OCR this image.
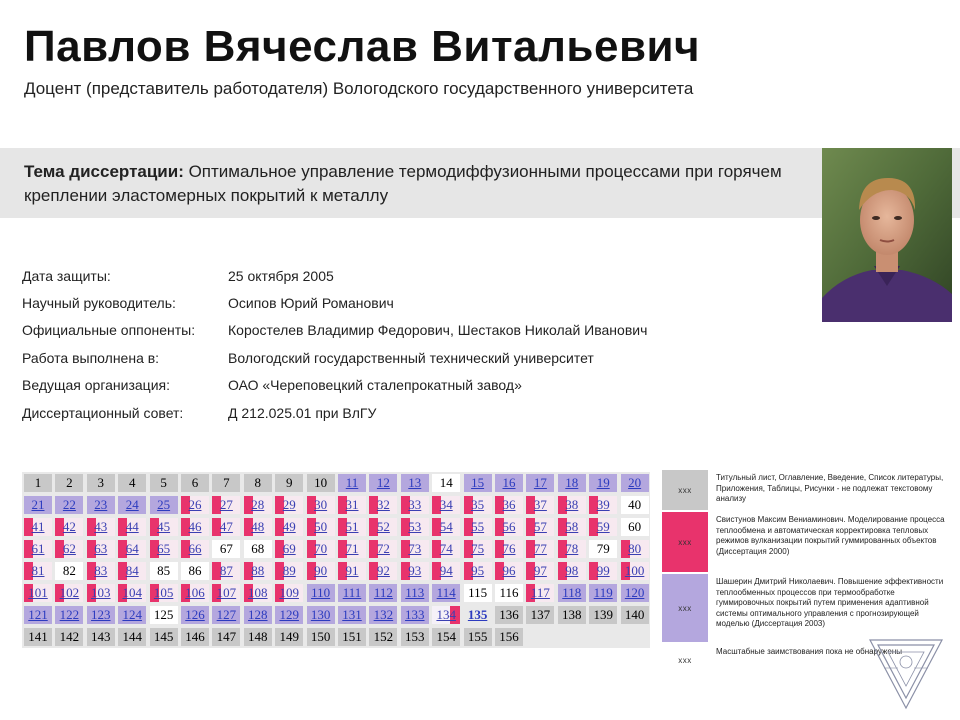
Павлов Вячеслав Витальевич
Доцент (представитель работодателя) Вологодского государственного университета
Тема диссертации: Оптимальное управление термодиффузионными процессами при горячем креплении эластомерных покрытий к металлу
Дата защиты:	25 октября 2005
Научный руководитель:	Осипов Юрий Романович
Официальные оппоненты:	Коростелев Владимир Федорович, Шестаков Николай Иванович
Работа выполнена в:	Вологодский государственный технический университет
Ведущая организация:	ОАО «Череповецкий сталепрокатный завод»
Диссертационный совет:	Д 212.025.01 при ВлГУ
1	2	3	4	5	6	7	8	9	10	11	12	13	14	15	16	17	18	19	20
21	22	23	24	25	26	27	28	29	30	31	32	33	34	35	36	37	38	39	40
41	42	43	44	45	46	47	48	49	50	51	52	53	54	55	56	57	58	59	60
61	62	63	64	65	66	67	68	69	70	71	72	73	74	75	76	77	78	79	80
81	82	83	84	85	86	87	88	89	90	91	92	93	94	95	96	97	98	99	100
101 102 103 104 105 106 107 108 109 110 111 112 113 114 115 116 117 118 119 120
121 122 123 124 125 126 127 128 129 130 131 132 133 134 135 136 137 138 139 140
141 142 143 144 145 146 147 148 149 150 151 152 153 154 155 156
xxx
Титульный лист, Оглавление, Введение, Список литературы, Приложения, Таблицы, Рисунки - не подлежат текстовому анализу
xxx
Свистунов Максим Вениаминович. Моделирование процесса теплообмена и автоматическая корректировка тепловых режимов вулканизации покрытий гуммированных объектов (Диссертация 2000)
xxx
Шашерин Дмитрий Николаевич. Повышение эффективности теплообменных процессов при термообработке гуммировочных покрытий путем применения адаптивной системы оптимального управления с прогнозирующей моделью (Диссертация 2003)
xxx
Масштабные заимствования пока не обнаружены
